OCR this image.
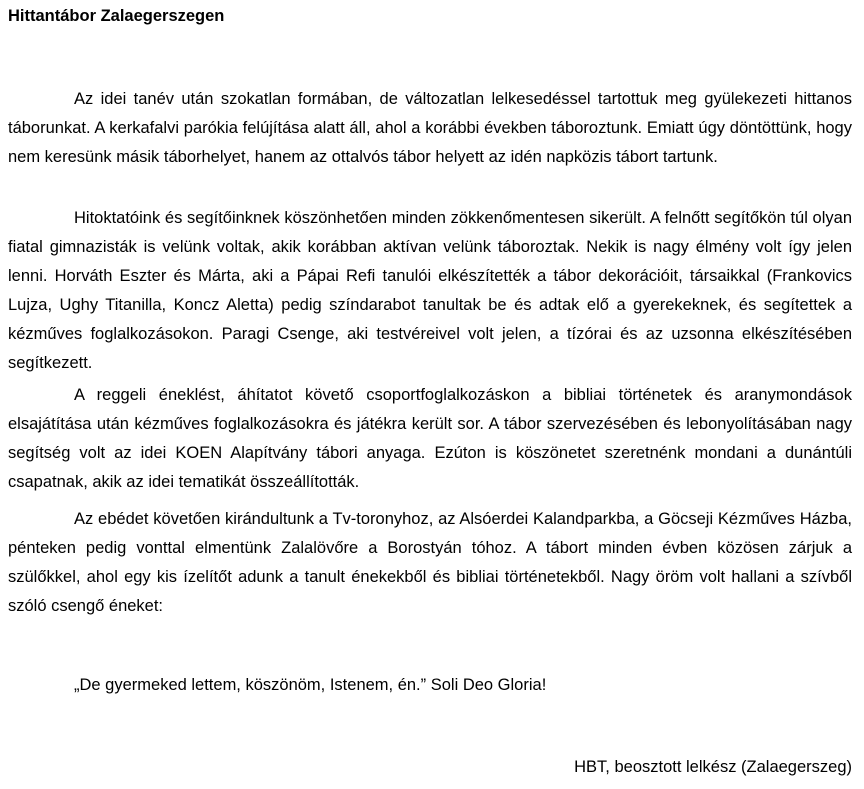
Hittantábor Zalaegerszegen

Az idei tanév után szokatlan formában, de változatlan lelkesedéssel tartottuk meg gyülekezeti hittanos táborunkat. A kerkafalvi parókia felújítása alatt áll, ahol a korábbi években táboroztunk. Emiatt úgy döntöttünk, hogy nem keresünk másik táborhelyet, hanem az ottalvós tábor helyett az idén napközis tábort tartunk.

Hitoktatóink és segítőinknek köszönhetően minden zökkenőmentesen sikerült. A felnőtt segítőkön túl olyan fiatal gimnazisták is velünk voltak, akik korábban aktívan velünk táboroztak. Nekik is nagy élmény volt így jelen lenni. Horváth Eszter és Márta, aki a Pápai Refi tanulói elkészítették a tábor dekorációit, társaikkal (Frankovics Lujza, Ughy Titanilla, Koncz Aletta) pedig színdarabot tanultak be és adtak elő a gyerekeknek, és segítettek a kézműves foglalkozásokon. Paragi Csenge, aki testvéreivel volt jelen, a tízórai és az uzsonna elkészítésében segítkezett.

A reggeli éneklést, áhítatot követő csoportfoglalkozáskon a bibliai történetek és aranymondások elsajátítása után kézműves foglalkozásokra és játékra került sor. A tábor szervezésében és lebonyolításában nagy segítség volt az idei KOEN Alapítvány tábori anyaga. Ezúton is köszönetet szeretnénk mondani a dunántúli csapatnak, akik az idei tematikát összeállították.

Az ebédet követően kirándultunk a Tv-toronyhoz, az Alsóerdei Kalandparkba, a Göcseji Kézműves Házba, pénteken pedig vonttal elmentünk Zalalövőre a Borostyán tóhoz. A tábort minden évben közösen zárjuk a szülőkkel, ahol egy kis ízelítőt adunk a tanult énekekből és bibliai történetekből. Nagy öröm volt hallani a szívből szóló csengő éneket:

„De gyermeked lettem, köszönöm, Istenem, én.” Soli Deo Gloria!
HBT, beosztott lelkész (Zalaegerszeg)
